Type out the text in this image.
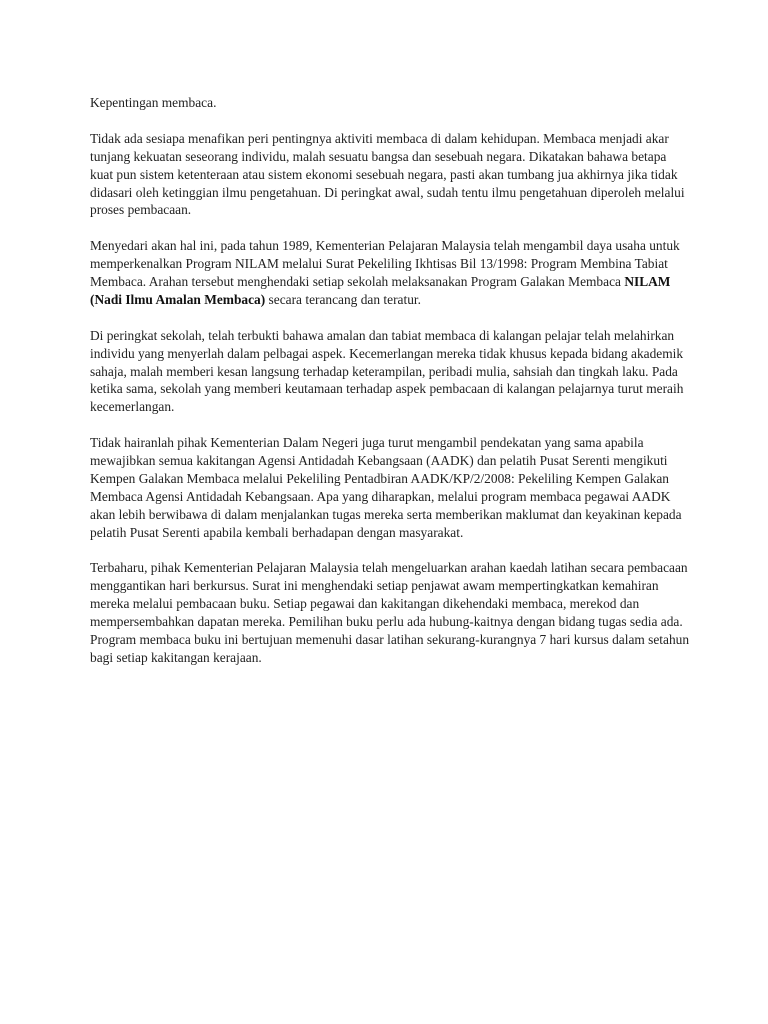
Kepentingan membaca.

Tidak ada sesiapa menafikan peri pentingnya aktiviti membaca di dalam kehidupan. Membaca menjadi akar tunjang kekuatan seseorang individu, malah sesuatu bangsa dan sesebuah negara. Dikatakan bahawa betapa kuat pun sistem ketenteraan atau sistem ekonomi sesebuah negara, pasti akan tumbang jua akhirnya jika tidak didasari oleh ketinggian ilmu pengetahuan. Di peringkat awal, sudah tentu ilmu pengetahuan diperoleh melalui proses pembacaan.

Menyedari akan hal ini, pada tahun 1989, Kementerian Pelajaran Malaysia telah mengambil daya usaha untuk memperkenalkan Program NILAM melalui Surat Pekeliling Ikhtisas Bil 13/1998: Program Membina Tabiat Membaca. Arahan tersebut menghendaki setiap sekolah melaksanakan Program Galakan Membaca NILAM (Nadi Ilmu Amalan Membaca) secara terancang dan teratur.

Di peringkat sekolah, telah terbukti bahawa amalan dan tabiat membaca di kalangan pelajar telah melahirkan individu yang menyerlah dalam pelbagai aspek. Kecemerlangan mereka tidak khusus kepada bidang akademik sahaja, malah memberi kesan langsung terhadap keterampilan, peribadi mulia, sahsiah dan tingkah laku. Pada ketika sama, sekolah yang memberi keutamaan terhadap aspek pembacaan di kalangan pelajarnya turut meraih kecemerlangan.

Tidak hairanlah pihak Kementerian Dalam Negeri juga turut mengambil pendekatan yang sama apabila mewajibkan semua kakitangan Agensi Antidadah Kebangsaan (AADK) dan pelatih Pusat Serenti mengikuti Kempen Galakan Membaca melalui Pekeliling Pentadbiran AADK/KP/2/2008: Pekeliling Kempen Galakan Membaca Agensi Antidadah Kebangsaan. Apa yang diharapkan, melalui program membaca pegawai AADK akan lebih berwibawa di dalam menjalankan tugas mereka serta memberikan maklumat dan keyakinan kepada pelatih Pusat Serenti apabila kembali berhadapan dengan masyarakat.

Terbaharu, pihak Kementerian Pelajaran Malaysia telah mengeluarkan arahan kaedah latihan secara pembacaan menggantikan hari berkursus. Surat ini menghendaki setiap penjawat awam mempertingkatkan kemahiran mereka melalui pembacaan buku. Setiap pegawai dan kakitangan dikehendaki membaca, merekod dan mempersembahkan dapatan mereka. Pemilihan buku perlu ada hubung-kaitnya dengan bidang tugas sedia ada. Program membaca buku ini bertujuan memenuhi dasar latihan sekurang-kurangnya 7 hari kursus dalam setahun bagi setiap kakitangan kerajaan.
